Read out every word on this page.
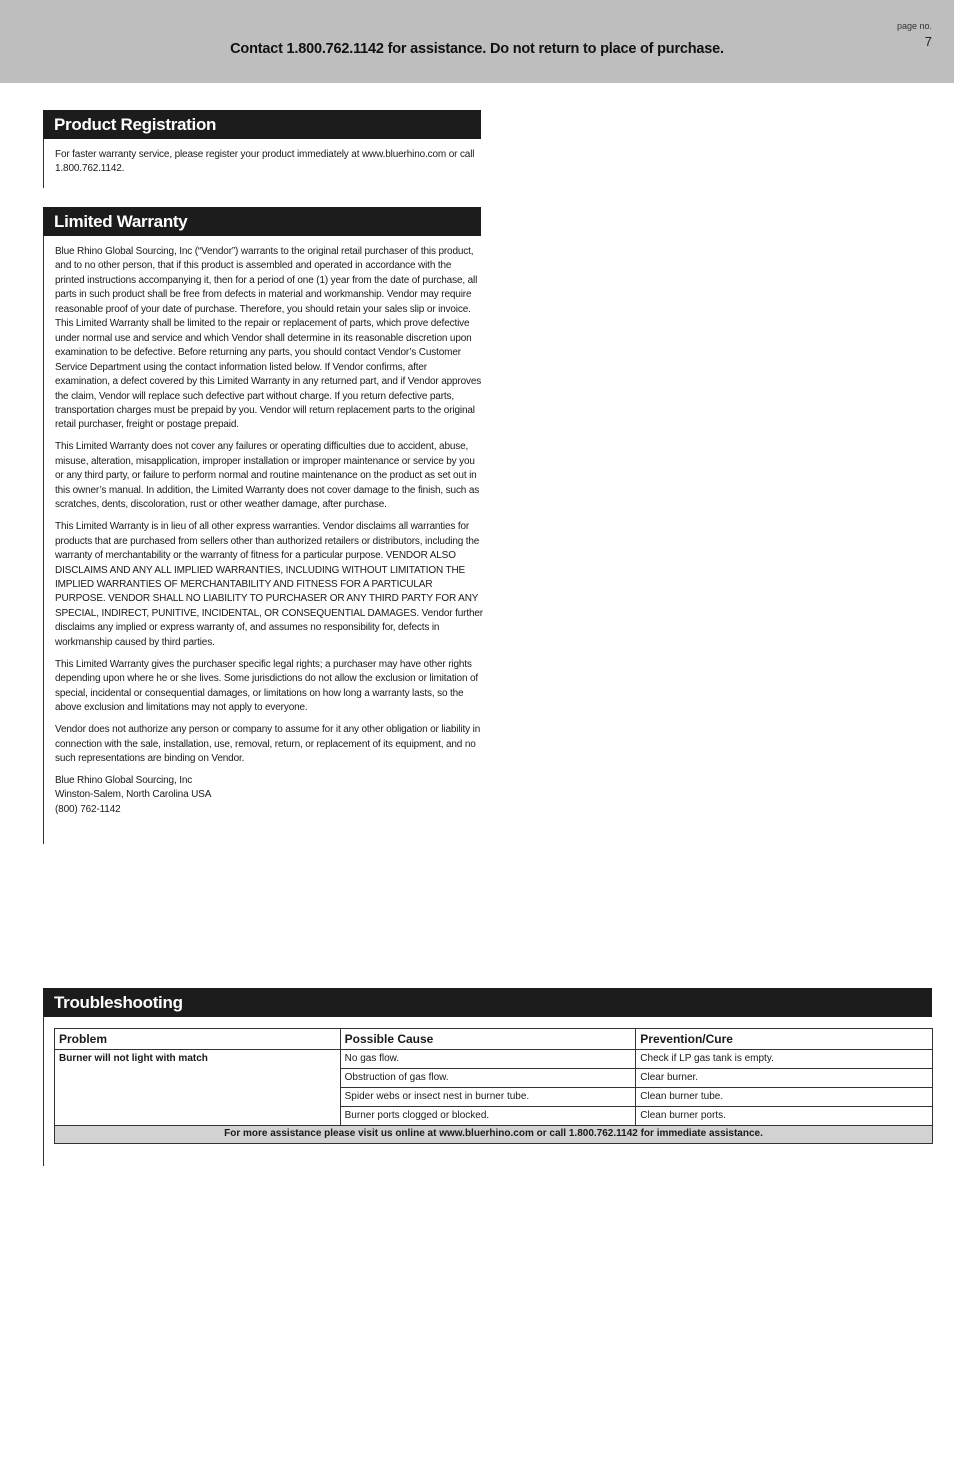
Contact 1.800.762.1142 for assistance. Do not return to place of purchase.
page no.
7
Product Registration

For faster warranty service, please register your product immediately at www.bluerhino.com or call 1.800.762.1142.

Limited Warranty

Blue Rhino Global Sourcing, Inc (“Vendor”) warrants to the original retail purchaser of this product, and to no other person, that if this product is assembled and operated in accordance with the printed instructions accompanying it, then for a period of one (1) year from the date of purchase, all parts in such product shall be free from defects in material and workmanship. Vendor may require reasonable proof of your date of purchase. Therefore, you should retain your sales slip or invoice. This Limited Warranty shall be limited to the repair or replacement of parts, which prove defective under normal use and service and which Vendor shall determine in its reasonable discretion upon examination to be defective. Before returning any parts, you should contact Vendor’s Customer Service Department using the contact information listed below. If Vendor confirms, after examination, a defect covered by this Limited Warranty in any returned part, and if Vendor approves the claim, Vendor will replace such defective part without charge. If you return defective parts, transportation charges must be prepaid by you. Vendor will return replacement parts to the original retail purchaser, freight or postage prepaid.

This Limited Warranty does not cover any failures or operating difficulties due to accident, abuse, misuse, alteration, misapplication, improper installation or improper maintenance or service by you or any third party, or failure to perform normal and routine maintenance on the product as set out in this owner’s manual. In addition, the Limited Warranty does not cover damage to the finish, such as scratches, dents, discoloration, rust or other weather damage, after purchase.

This Limited Warranty is in lieu of all other express warranties. Vendor disclaims all warranties for products that are purchased from sellers other than authorized retailers or distributors, including the warranty of merchantability or the warranty of fitness for a particular purpose. VENDOR ALSO DISCLAIMS AND ANY ALL IMPLIED WARRANTIES, INCLUDING WITHOUT LIMITATION THE IMPLIED WARRANTIES OF MERCHANTABILITY AND FITNESS FOR A PARTICULAR PURPOSE. VENDOR SHALL NO LIABILITY TO PURCHASER OR ANY THIRD PARTY FOR ANY SPECIAL, INDIRECT, PUNITIVE, INCIDENTAL, OR CONSEQUENTIAL DAMAGES. Vendor further disclaims any implied or express warranty of, and assumes no responsibility for, defects in workmanship caused by third parties.

This Limited Warranty gives the purchaser specific legal rights; a purchaser may have other rights depending upon where he or she lives. Some jurisdictions do not allow the exclusion or limitation of special, incidental or consequential damages, or limitations on how long a warranty lasts, so the above exclusion and limitations may not apply to everyone.

Vendor does not authorize any person or company to assume for it any other obligation or liability in connection with the sale, installation, use, removal, return, or replacement of its equipment, and no such representations are binding on Vendor.

Blue Rhino Global Sourcing, Inc
Winston-Salem, North Carolina USA
(800) 762-1142
Troubleshooting
Problem	Possible Cause	Prevention/Cure
Burner will not light with match	No gas flow.	Check if LP gas tank is empty.
	Obstruction of gas flow.	Clear burner.
	Spider webs or insect nest in burner tube.	Clean burner tube.
	Burner ports clogged or blocked.	Clean burner ports.
For more assistance please visit us online at www.bluerhino.com or call 1.800.762.1142 for immediate assistance.		
